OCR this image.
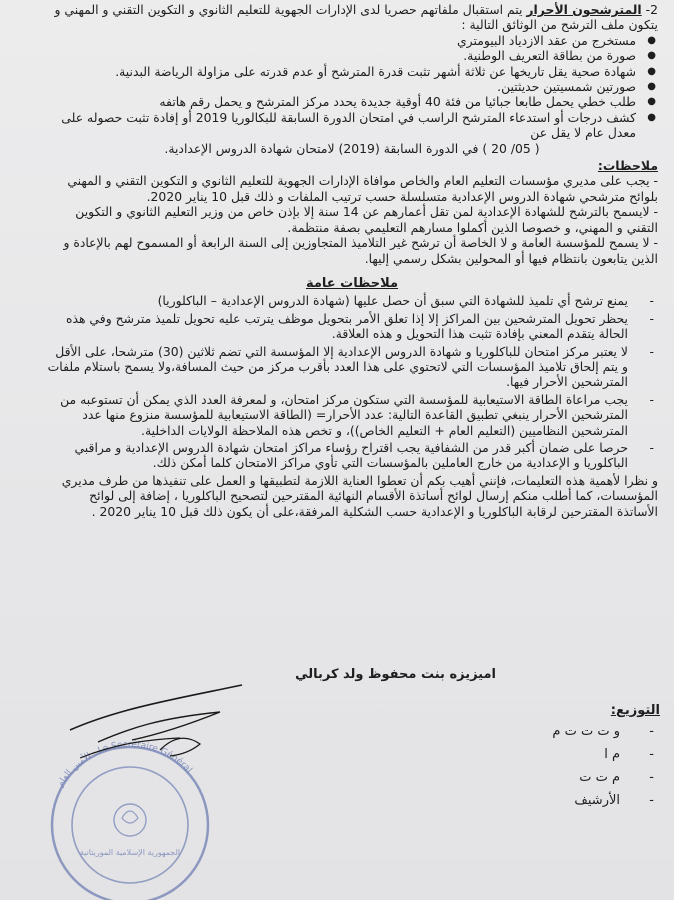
2- المترشحون الأحرار يتم استقبال ملفاتهم حصريا لدى الإدارات الجهوية للتعليم الثانوي و التكوين التقني و المهني و يتكون ملف الترشح من الوثائق التالية :

● مستخرج من عقد الازدياد البيومتري
● صورة من بطاقة التعريف الوطنية.
● شهادة صحية يقل تاريخها عن ثلاثة أشهر تثبت قدرة المترشح أو عدم قدرته على مزاولة الرياضة البدنية.
● صورتين شمسيتين حديثتين.
● طلب خطي يحمل طابعا جبائيا من فئة 40 أوقية جديدة يحدد مركز المترشح و يحمل رقم هاتفه
● كشف درجات أو استدعاء المترشح الراسب في امتحان الدورة السابقة للبكالوريا 2019 أو إفادة تثبت حصوله على معدل عام لا يقل عن

( 05/ 20 ) في الدورة السابقة (2019) لامتحان شهادة الدروس الإعدادية.

ملاحظات:

- يجب على مديري مؤسسات التعليم العام والخاص موافاة الإدارات الجهوية للتعليم الثانوي و التكوين التقني و المهني بلوائح مترشحي شهادة الدروس الإعدادية متسلسلة حسب ترتيب الملفات و ذلك قبل 10 يناير 2020.

- لايسمح بالترشح للشهادة الإعدادية لمن تقل أعمارهم عن 14 سنة إلا بإذن خاص من وزير التعليم الثانوي و التكوين التقني و المهني، و خصوصا الذين أكملوا مسارهم التعليمي بصفة منتظمة.

- لا يسمح للمؤسسة العامة و لا الخاصة أن ترشح غير التلاميذ المتجاوزين إلى السنة الرابعة أو المسموح لهم بالإعادة و الذين يتابعون بانتظام فيها أو المحولين بشكل رسمي إليها.

ملاحظات عامة

- يمنع ترشح أي تلميذ للشهادة التي سبق أن حصل عليها (شهادة الدروس الإعدادية – الباكلوريا)
- يحظر تحويل المترشحين بين المراكز إلا إذا تعلق الأمر بتحويل موظف يترتب عليه تحويل تلميذ مترشح وفي هذه الحالة يتقدم المعني بإفادة تثبت هذا التحويل و هذه العلاقة.
- لا يعتبر مركز امتحان للباكلوريا و شهادة الدروس الإعدادية إلا المؤسسة التي تضم ثلاثين (30) مترشحا، على الأقل و يتم إلحاق تلاميذ المؤسسات التي لاتحتوي على هذا العدد بأقرب مركز من حيث المسافة،ولا يسمح باستلام ملفات المترشحين الأحرار فيها.
- يجب مراعاة الطاقة الاستيعابية للمؤسسة التي ستكون مركز امتحان، و لمعرفة العدد الذي يمكن أن تستوعبه من المترشحين الأحرار ينبغي تطبيق القاعدة التالية: عدد الأحرار= (الطاقة الاستيعابية للمؤسسة منزوع منها عدد المترشحين النظاميين (التعليم العام + التعليم الخاص))، و تخص هذه الملاحظة الولايات الداخلية.
- حرصا على ضمان أكبر قدر من الشفافية يجب اقتراح رؤساء مراكز امتحان شهادة الدروس الإعدادية و مراقبي الباكلوريا و الإعدادية من خارج العاملين بالمؤسسات التي تأوي مراكز الامتحان كلما أمكن ذلك.

و نظرا لأهمية هذه التعليمات، فإنني أهيب بكم أن تعطوا العناية اللازمة لتطبيقها و العمل على تنفيذها من طرف مديري المؤسسات، كما أطلب منكم إرسال لوائح أساتذة الأقسام النهائية المقترحين لتصحيح الباكلوريا ، إضافة إلى لوائح الأساتذة المقترحين لرقابة الباكلوريا و الإعدادية حسب الشكلية المرفقة،على أن يكون ذلك قبل 10 يناير 2020 .

الأمين العام · Le Secrétaire Général
الجمهورية الإسلامية الموريتانية
اميزيزه بنت محفوظ ولد كربالي
التوزيع:
- و ت ت ت م
- م ا
- م ت ت
- الأرشيف
